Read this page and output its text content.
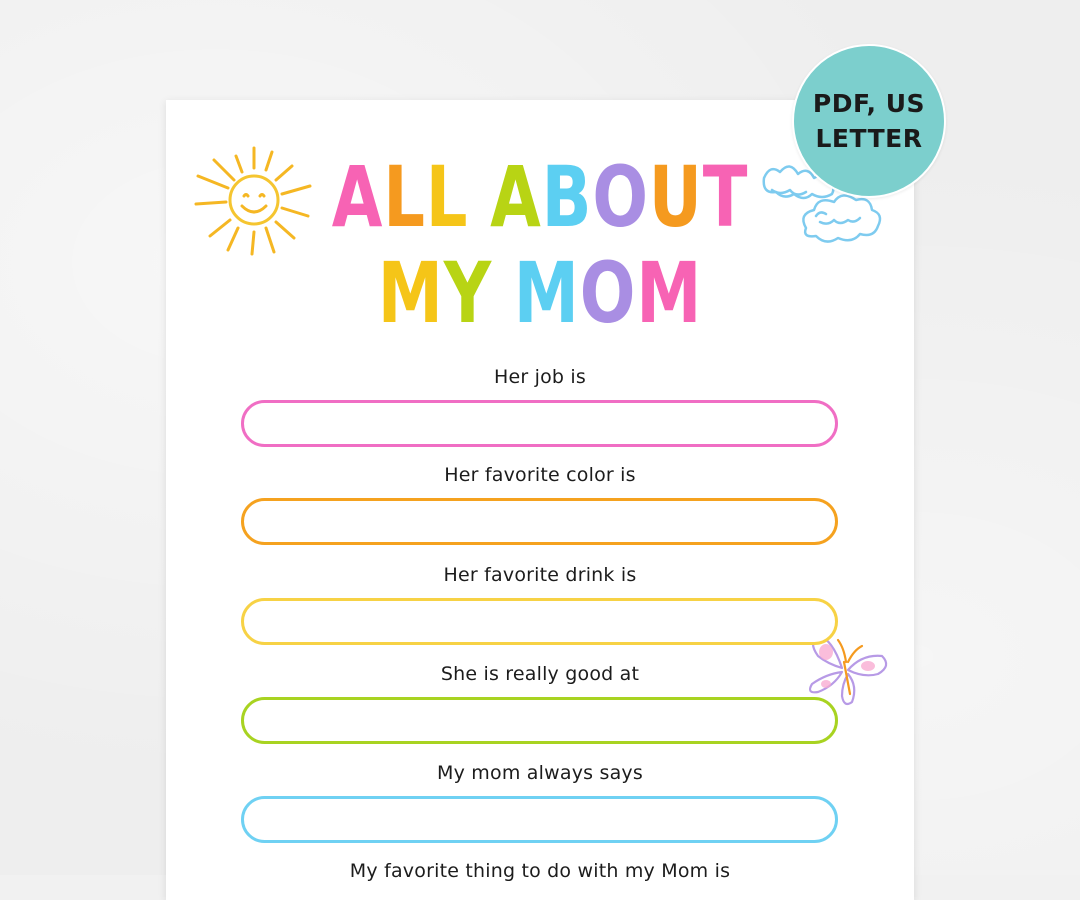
ALL ABOUT
MY MOM
Her job is
Her favorite color is
Her favorite drink is
She is really good at
My mom always says
My favorite thing to do with my Mom is
PDF, US
LETTER
